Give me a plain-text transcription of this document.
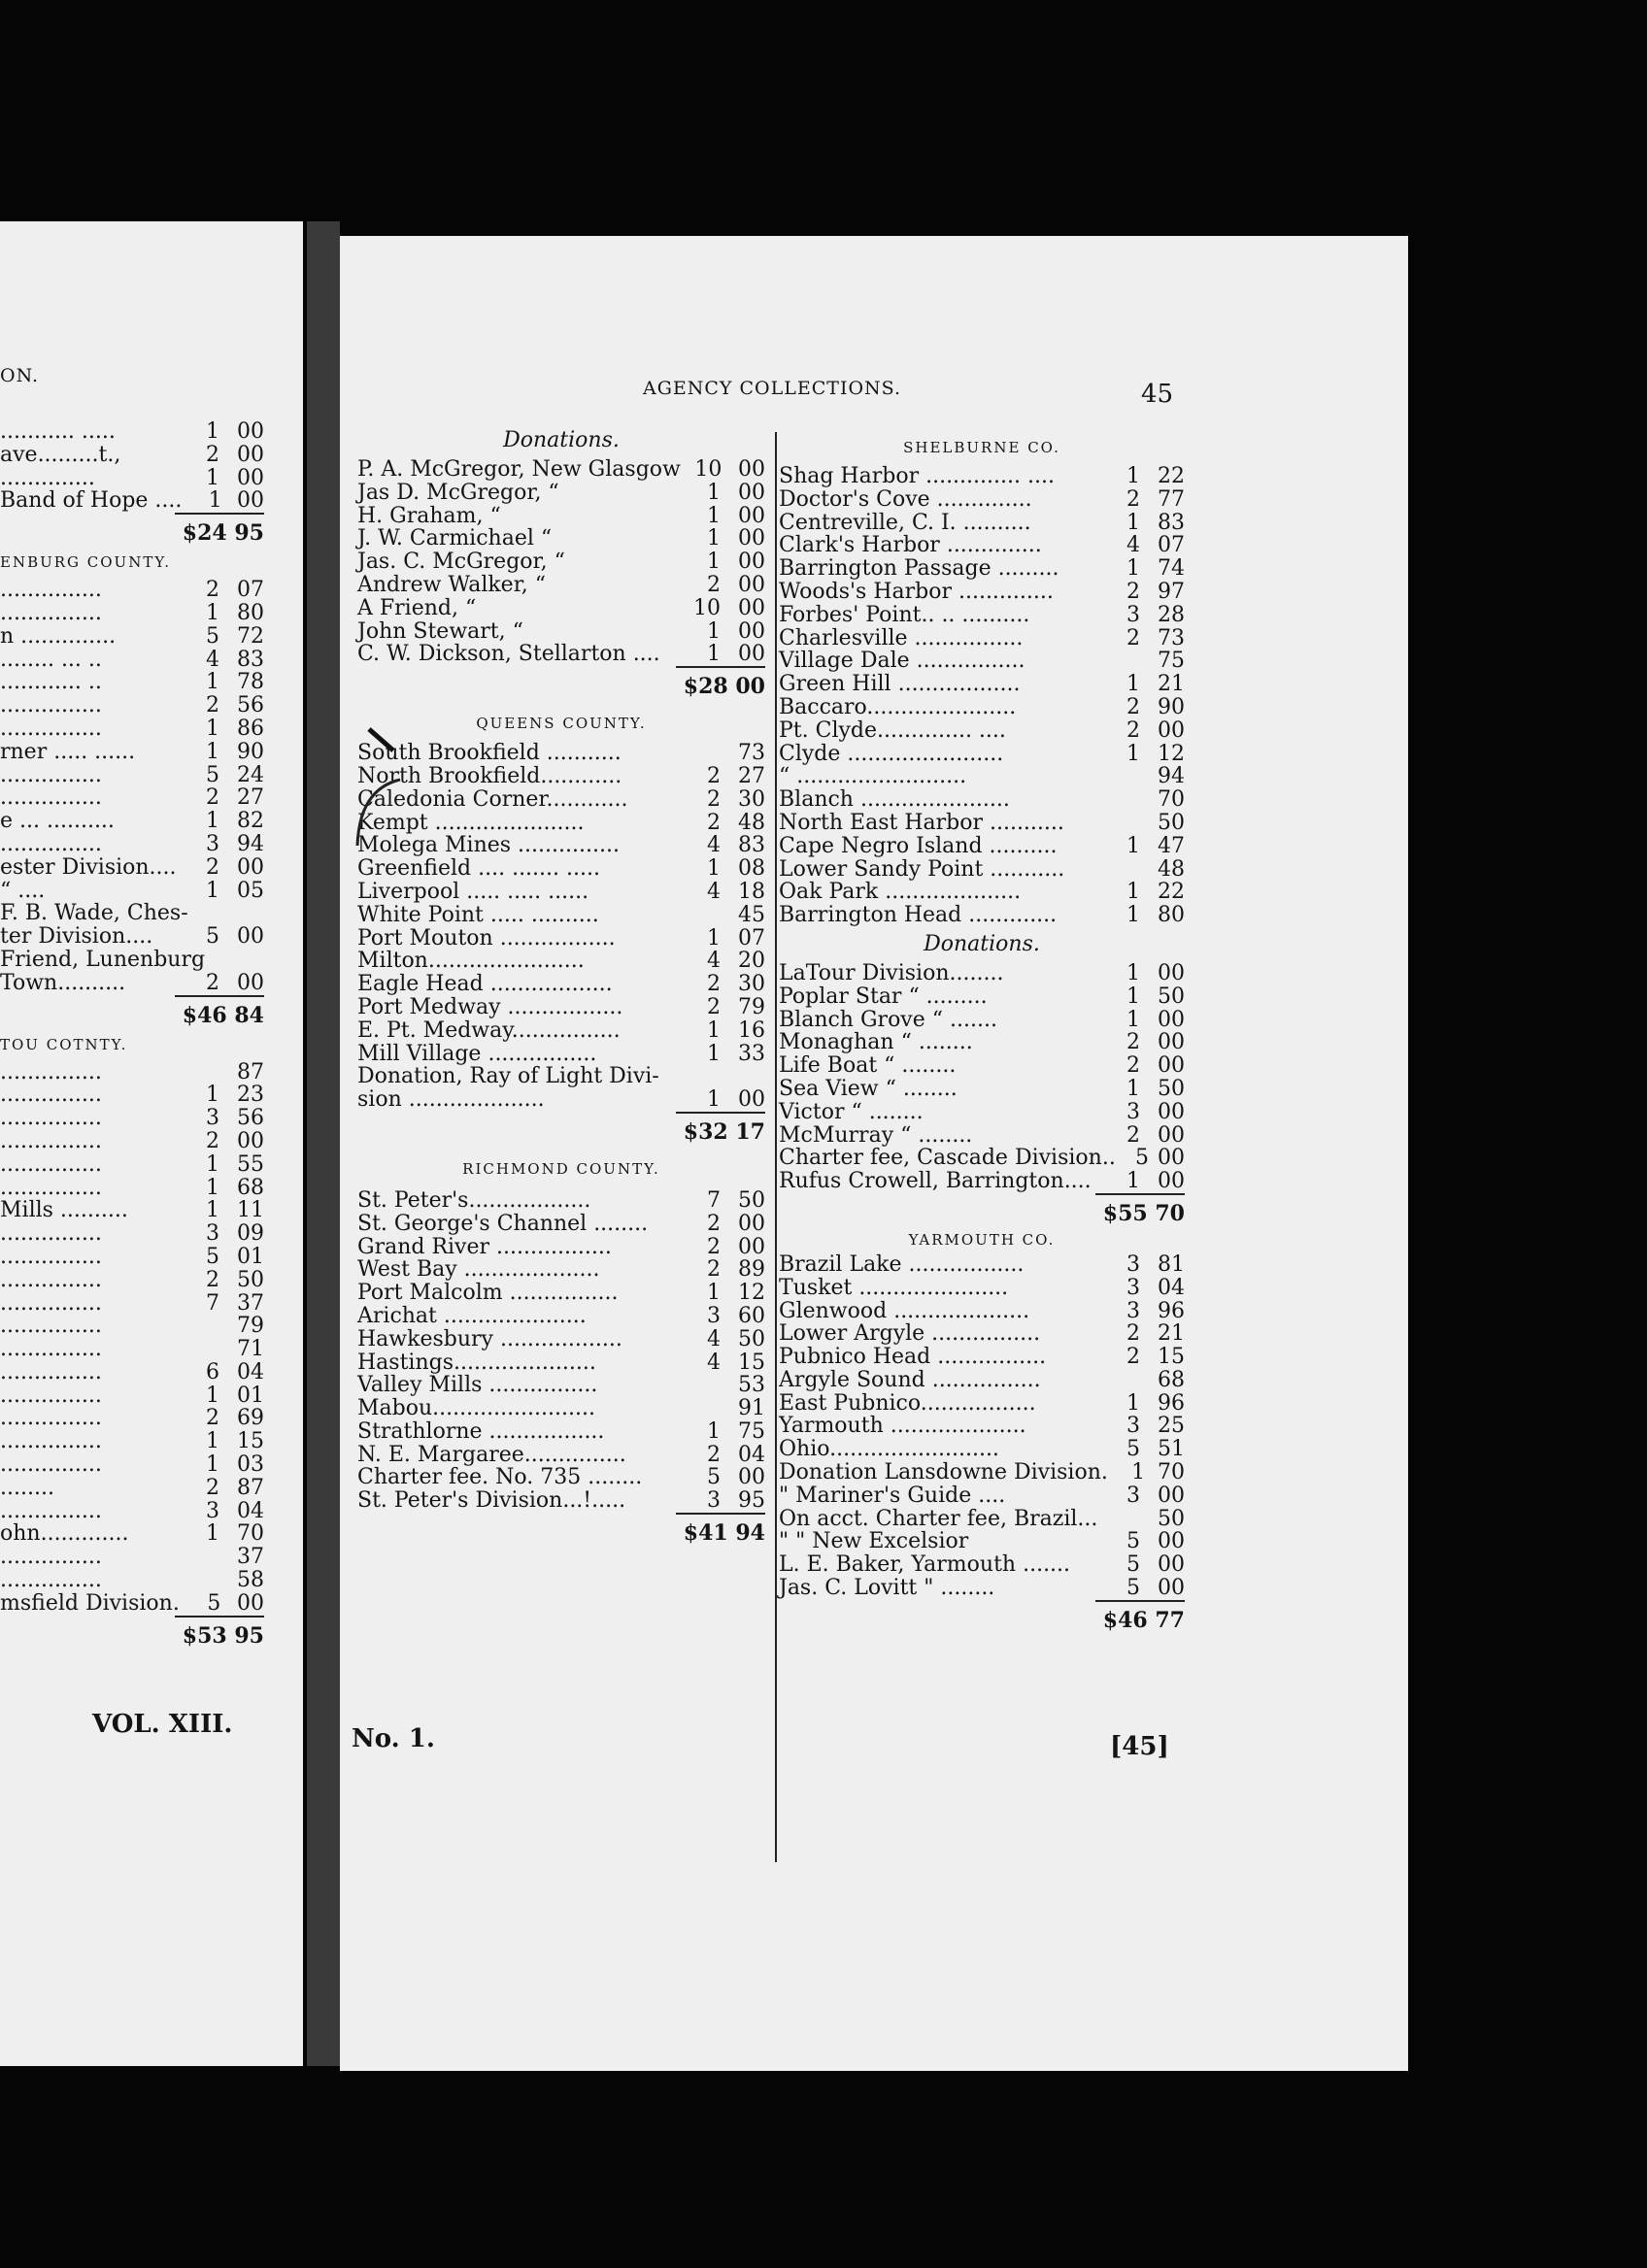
ON.
........... .....	1 00
ave.........t.,	2 00
..............	1 00
Band of Hope ....	1 00
$24 95
ENBURG COUNTY.
...............	2 07
...............	1 80
n ..............	5 72
........ ... ..	4 83
............ ..	1 78
...............	2 56
...............	1 86
rner ..... ......	1 90
...............	5 24
...............	2 27
e ... ..........	1 82
...............	3 94
ester Division....	2 00
“ ....	1 05
F. B. Wade, Ches-
ter Division....	5 00
Friend, Lunenburg
Town..........	2 00
$46 84
TOU COTNTY.
...............	87
...............	1 23
...............	3 56
...............	2 00
...............	1 55
...............	1 68
Mills ..........	1 11
...............	3 09
...............	5 01
...............	2 50
...............	7 37
...............	79
...............	71
...............	6 04
...............	1 01
...............	2 69
...............	1 15
...............	1 03
........	2 87
...............	3 04
ohn.............	1 70
...............	37
...............	58
msfield Division.	5 00
$53 95
VOL. XIII.
AGENCY COLLECTIONS.	45
Donations.
P. A. McGregor, New Glasgow 10 00
Jas D. McGregor, “	1 00
H. Graham, “	1 00
J. W. Carmichael “	1 00
Jas. C. McGregor, “	1 00
Andrew Walker, “	2 00
A Friend, “	10 00
John Stewart, “	1 00
C. W. Dickson, Stellarton ....	1 00
$28 00
QUEENS COUNTY.
South Brookfield ...........	73
North Brookfield............	2 27
Caledonia Corner............	2 30
Kempt ......................	2 48
Molega Mines ...............	4 83
Greenfield .... ....... .....	1 08
Liverpool ..... ..... ......	4 18
White Point ..... ..........	45
Port Mouton .................	1 07
Milton.......................	4 20
Eagle Head ..................	2 30
Port Medway .................	2 79
E. Pt. Medway................	1 16
Mill Village ................	1 33
Donation, Ray of Light Divi-
sion ....................	1 00
$32 17
RICHMOND COUNTY.
St. Peter's..................	7 50
St. George's Channel ........	2 00
Grand River .................	2 00
West Bay ....................	2 89
Port Malcolm ................	1 12
Arichat .....................	3 60
Hawkesbury ..................	4 50
Hastings.....................	4 15
Valley Mills ................	53
Mabou........................	91
Strathlorne .................	1 75
N. E. Margaree...............	2 04
Charter fee. No. 735 ........	5 00
St. Peter's Division...!.....	3 95
$41 94
SHELBURNE CO.
Shag Harbor .............. ....	1 22
Doctor's Cove ..............	2 77
Centreville, C. I. ..........	1 83
Clark's Harbor ..............	4 07
Barrington Passage .........	1 74
Woods's Harbor ..............	2 97
Forbes' Point.. .. ..........	3 28
Charlesville ................	2 73
Village Dale ................	75
Green Hill ..................	1 21
Baccaro......................	2 90
Pt. Clyde.............. ....	2 00
Clyde .......................	1 12
“ .........................	94
Blanch ......................	70
North East Harbor ...........	50
Cape Negro Island ..........	1 47
Lower Sandy Point ...........	48
Oak Park ....................	1 22
Barrington Head .............	1 80
Donations.
LaTour Division........	1 00
Poplar Star “ .........	1 50
Blanch Grove “ .......	1 00
Monaghan “ ........	2 00
Life Boat “ ........	2 00
Sea View “ ........	1 50
Victor “ ........	3 00
McMurray “ ........	2 00
Charter fee, Cascade Division.. 5 00
Rufus Crowell, Barrington....	1 00
$55 70
YARMOUTH CO.
Brazil Lake .................	3 81
Tusket ......................	3 04
Glenwood ....................	3 96
Lower Argyle ................	2 21
Pubnico Head ................	2 15
Argyle Sound ................	68
East Pubnico.................	1 96
Yarmouth ....................	3 25
Ohio.........................	5 51
Donation Lansdowne Division.	1 70
" Mariner's Guide ....	3 00
On acct. Charter fee, Brazil...	50
" " New Excelsior	5 00
L. E. Baker, Yarmouth .......	5 00
Jas. C. Lovitt " ........	5 00
$46 77
No. 1.	[45]
